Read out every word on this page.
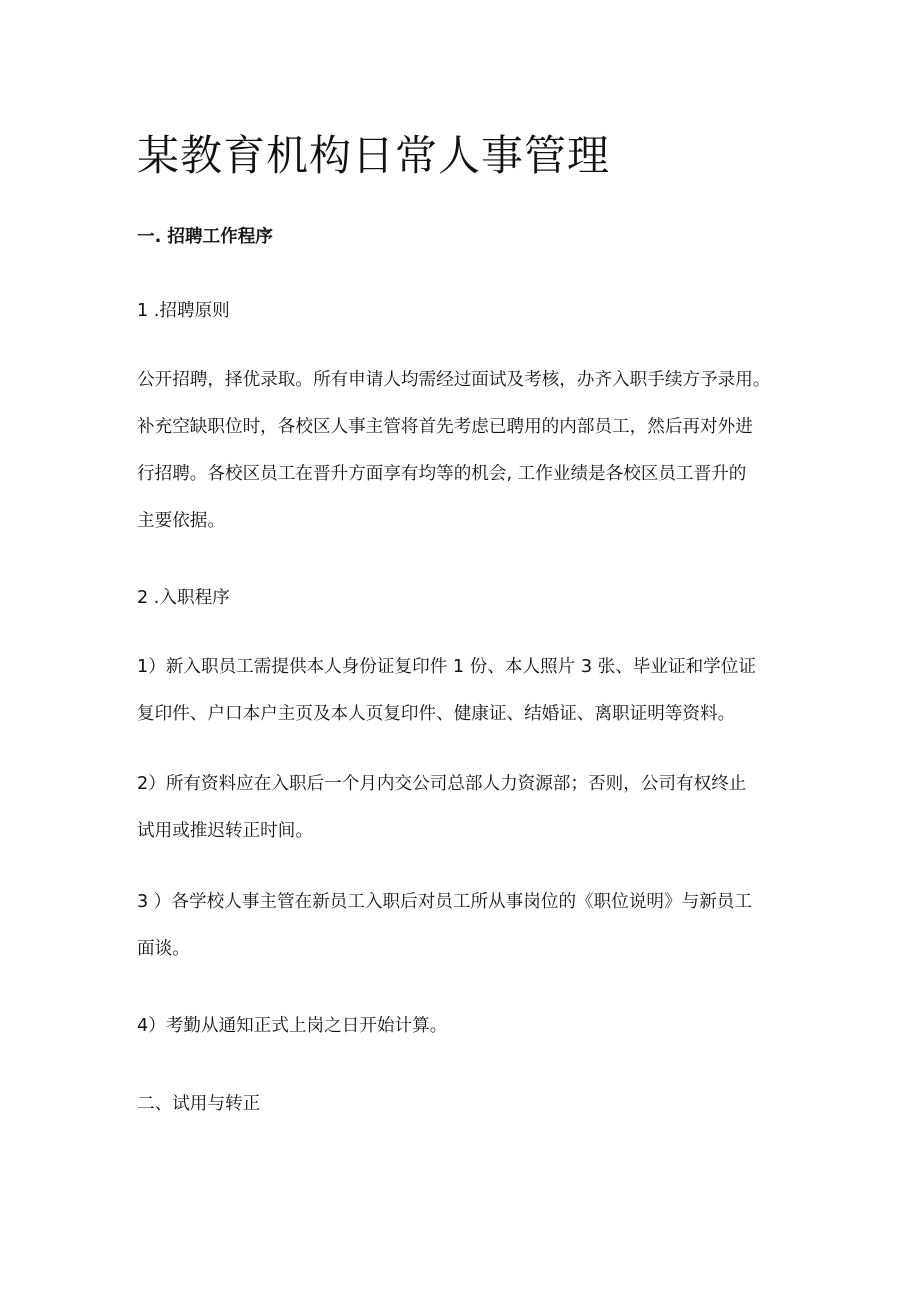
某教育机构日常人事管理

一. 招聘工作程序

1 .招聘原则

公开招聘，择优录取。所有申请人均需经过面试及考核，办齐入职手续方予录用。

补充空缺职位时，各校区人事主管将首先考虑已聘用的内部员工，然后再对外进

行招聘。各校区员工在晋升方面享有均等的机会, 工作业绩是各校区员工晋升的

主要依据。

2 .入职程序

1）新入职员工需提供本人身份证复印件 1 份、本人照片 3 张、毕业证和学位证

复印件、户口本户主页及本人页复印件、健康证、结婚证、离职证明等资料。

2）所有资料应在入职后一个月内交公司总部人力资源部；否则，公司有权终止

试用或推迟转正时间。

3 ）各学校人事主管在新员工入职后对员工所从事岗位的《职位说明》与新员工

面谈。

4）考勤从通知正式上岗之日开始计算。

二、试用与转正
